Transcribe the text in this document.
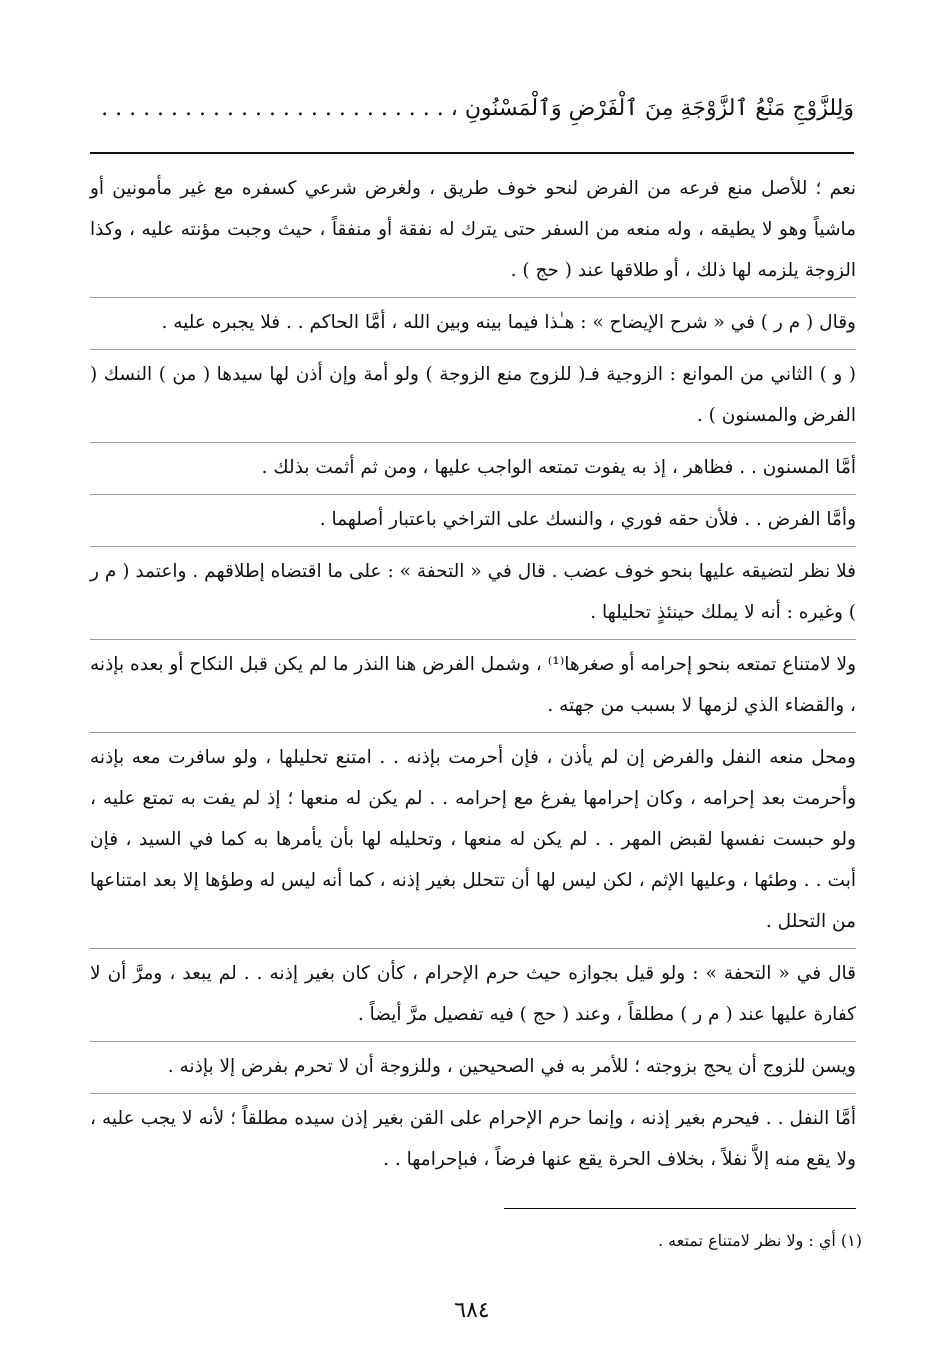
وَلِلزَّوْجِ مَنْعُ ٱلزَّوْجَةِ مِنَ ٱلْفَرْضِ وَٱلْمَسْنُونِ ، . . . . . . . . . . . . . . . . . . . . . . . . .

نعم ؛ للأصل منع فرعه من الفرض لنحو خوف طريق ، ولغرض شرعي كسفره مع غير مأمونين أو ماشياً وهو لا يطيقه ، وله منعه من السفر حتى يترك له نفقة أو منفقاً ، حيث وجبت مؤنته عليه ، وكذا الزوجة يلزمه لها ذلك ، أو طلاقها عند ( حج ) .

وقال ( م ر ) في « شرح الإيضاح » : هـٰذا فيما بينه وبين الله ، أمَّا الحاكم . . فلا يجبره عليه .

( و ) الثاني من الموانع : الزوجية فـ( للزوج منع الزوجة ) ولو أمة وإن أذن لها سيدها ( من ) النسك ( الفرض والمسنون ) .

أمَّا المسنون . . فظاهر ، إذ به يفوت تمتعه الواجب عليها ، ومن ثم أثمت بذلك .

وأمَّا الفرض . . فلأن حقه فوري ، والنسك على التراخي باعتبار أصلهما .

فلا نظر لتضيقه عليها بنحو خوف عضب . قال في « التحفة » : على ما اقتضاه إطلاقهم . واعتمد ( م ر ) وغيره : أنه لا يملك حينئذٍ تحليلها .

ولا لامتناع تمتعه بنحو إحرامه أو صغرها⁽¹⁾ ، وشمل الفرض هنا النذر ما لم يكن قبل النكاح أو بعده بإذنه ، والقضاء الذي لزمها لا بسبب من جهته .

ومحل منعه النفل والفرض إن لم يأذن ، فإن أحرمت بإذنه . . امتنع تحليلها ، ولو سافرت معه بإذنه وأحرمت بعد إحرامه ، وكان إحرامها يفرغ مع إحرامه . . لم يكن له منعها ؛ إذ لم يفت به تمتع عليه ، ولو حبست نفسها لقبض المهر . . لم يكن له منعها ، وتحليله لها بأن يأمرها به كما في السيد ، فإن أبت . . وطئها ، وعليها الإثم ، لكن ليس لها أن تتحلل بغير إذنه ، كما أنه ليس له وطؤها إلا بعد امتناعها من التحلل .

قال في « التحفة » : ولو قيل بجوازه حيث حرم الإحرام ، كأن كان بغير إذنه . . لم يبعد ، ومرَّ أن لا كفارة عليها عند ( م ر ) مطلقاً ، وعند ( حج ) فيه تفصيل مرَّ أيضاً .

ويسن للزوج أن يحج بزوجته ؛ للأمر به في الصحيحين ، وللزوجة أن لا تحرم بفرض إلا بإذنه .

أمَّا النفل . . فيحرم بغير إذنه ، وإنما حرم الإحرام على القن بغير إذن سيده مطلقاً ؛ لأنه لا يجب عليه ، ولا يقع منه إلاَّ نفلاً ، بخلاف الحرة يقع عنها فرضاً ، فبإحرامها . .

(١) أي : ولا نظر لامتناع تمتعه .
٦٨٤
